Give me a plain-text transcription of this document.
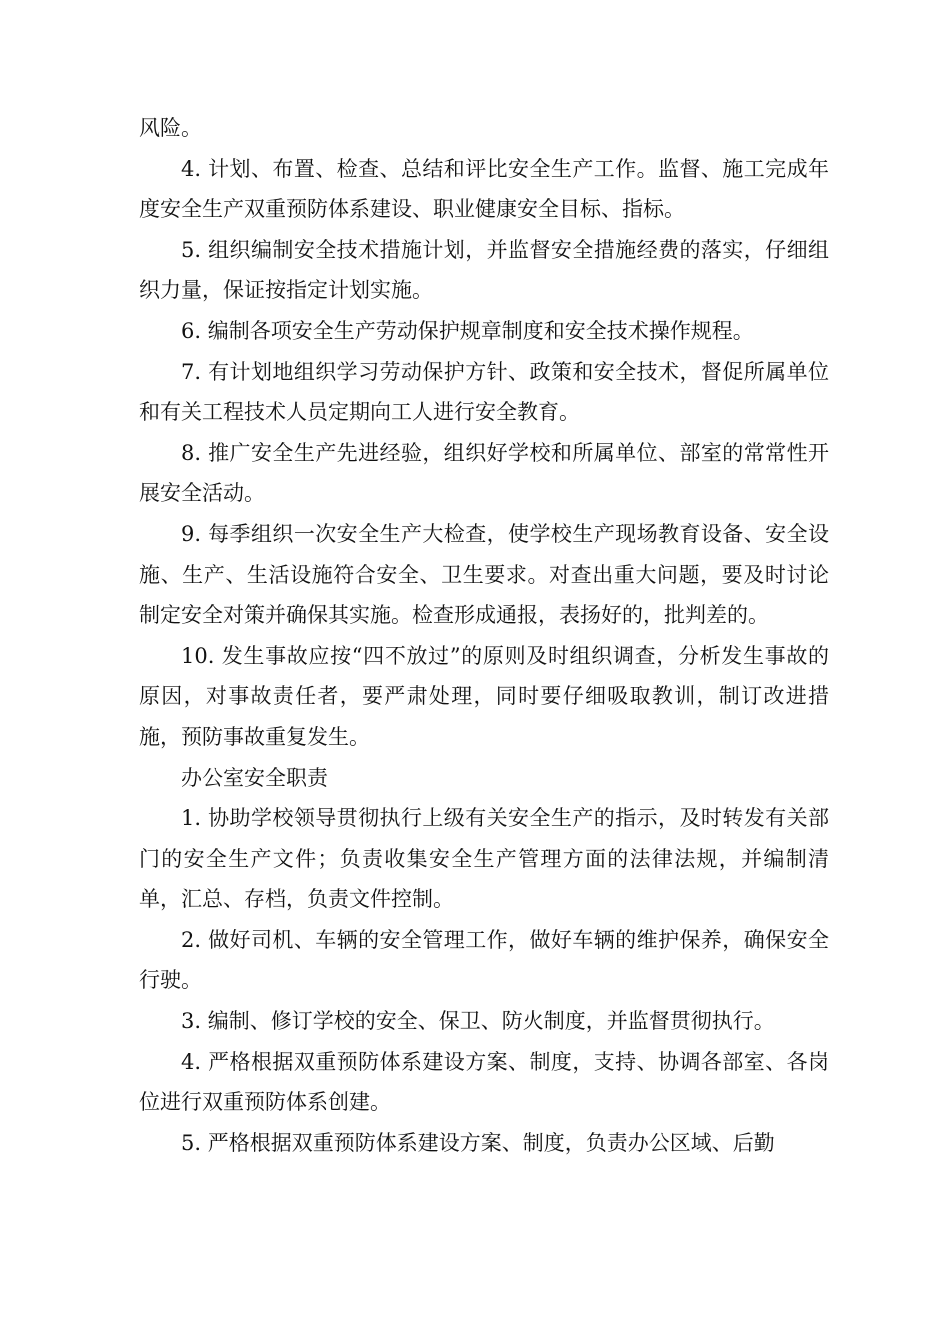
风险。

4. 计划、布置、检查、总结和评比安全生产工作。监督、施工完成年度安全生产双重预防体系建设、职业健康安全目标、指标。

5. 组织编制安全技术措施计划，并监督安全措施经费的落实，仔细组织力量，保证按指定计划实施。

6. 编制各项安全生产劳动保护规章制度和安全技术操作规程。

7. 有计划地组织学习劳动保护方针、政策和安全技术，督促所属单位和有关工程技术人员定期向工人进行安全教育。

8. 推广安全生产先进经验，组织好学校和所属单位、部室的常常性开展安全活动。

9. 每季组织一次安全生产大检查，使学校生产现场教育设备、安全设施、生产、生活设施符合安全、卫生要求。对查出重大问题，要及时讨论制定安全对策并确保其实施。检查形成通报，表扬好的，批判差的。

10. 发生事故应按“四不放过”的原则及时组织调查，分析发生事故的原因，对事故责任者，要严肃处理，同时要仔细吸取教训，制订改进措施，预防事故重复发生。

办公室安全职责

1. 协助学校领导贯彻执行上级有关安全生产的指示，及时转发有关部门的安全生产文件；负责收集安全生产管理方面的法律法规，并编制清单，汇总、存档，负责文件控制。

2. 做好司机、车辆的安全管理工作，做好车辆的维护保养，确保安全行驶。

3. 编制、修订学校的安全、保卫、防火制度，并监督贯彻执行。

4. 严格根据双重预防体系建设方案、制度，支持、协调各部室、各岗位进行双重预防体系创建。

5. 严格根据双重预防体系建设方案、制度，负责办公区域、后勤
